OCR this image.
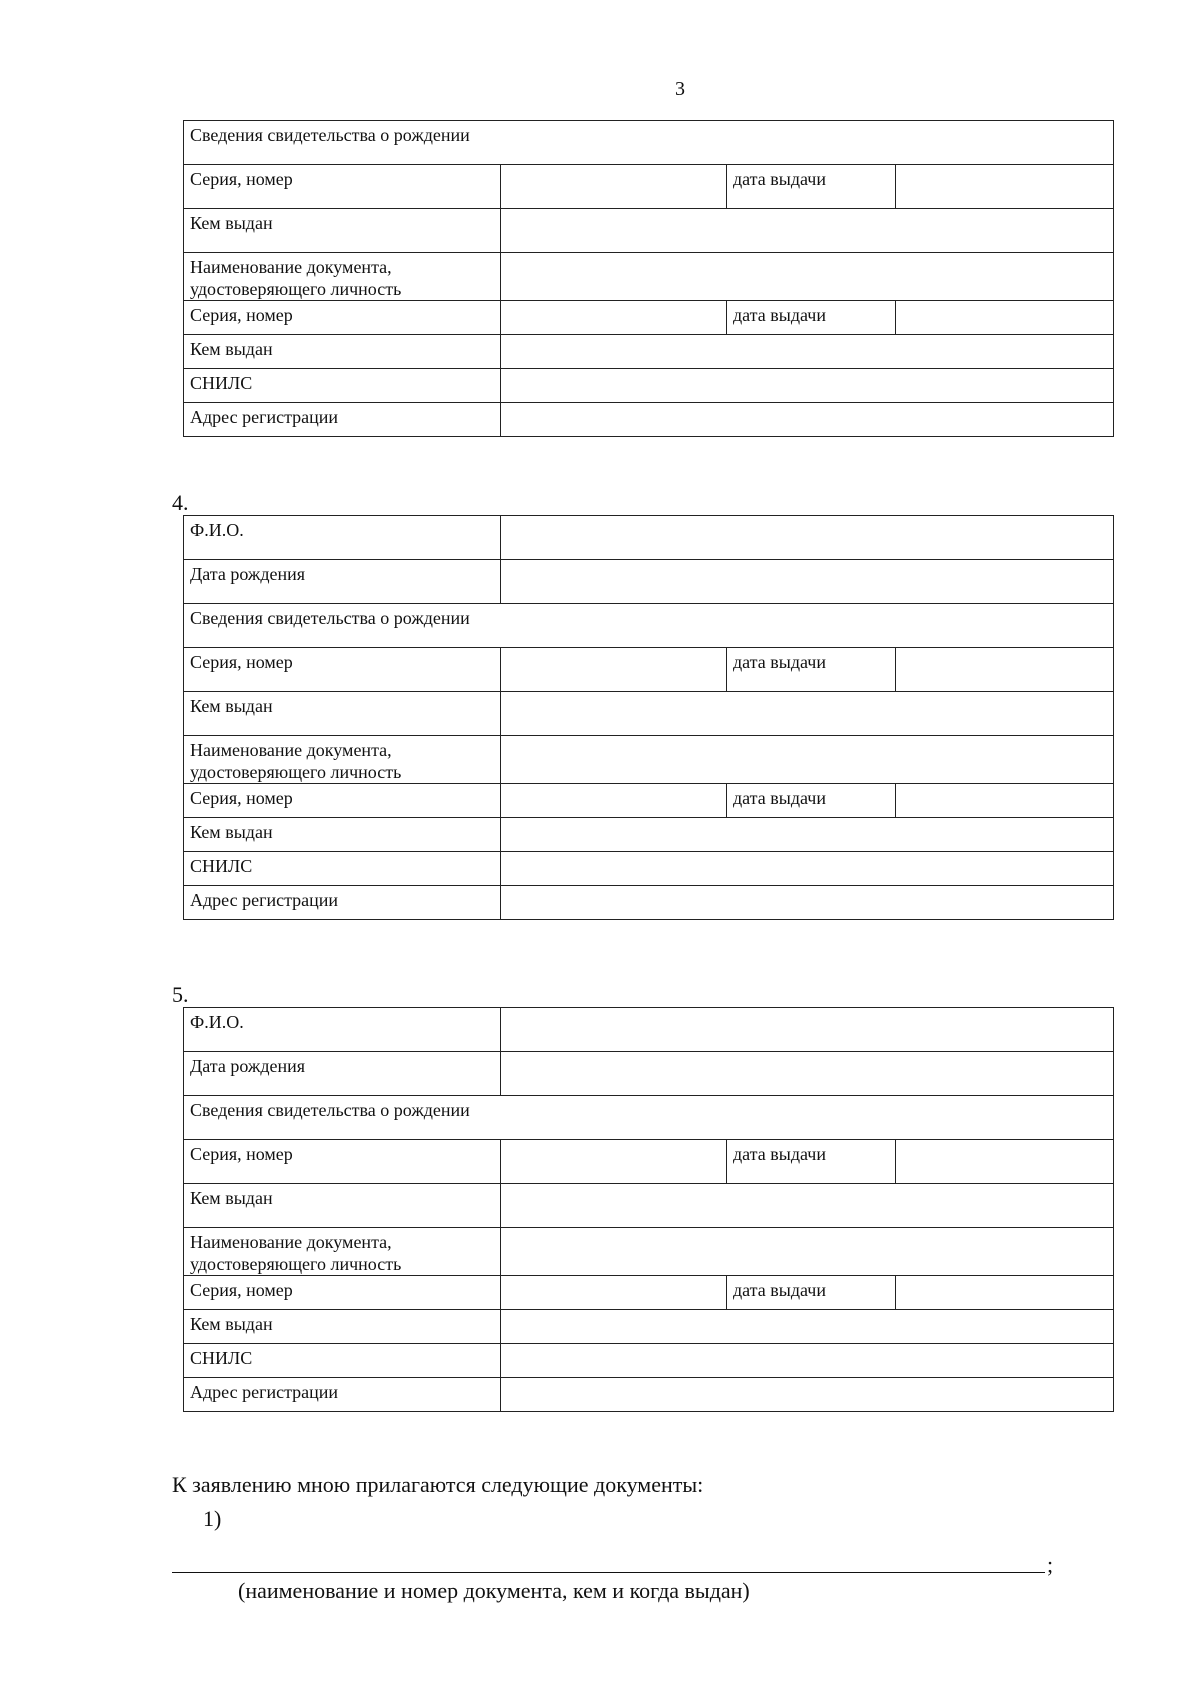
3
Сведения свидетельства о рождении			
Серия, номер		дата выдачи	
Кем выдан			
Наименование документа, удостоверяющего личность			
Серия, номер		дата выдачи	
Кем выдан			
СНИЛС			
Адрес регистрации			
4.
Ф.И.О.			
Дата рождения			
Сведения свидетельства о рождении			
Серия, номер		дата выдачи	
Кем выдан			
Наименование документа, удостоверяющего личность			
Серия, номер		дата выдачи	
Кем выдан			
СНИЛС			
Адрес регистрации			
5.
Ф.И.О.			
Дата рождения			
Сведения свидетельства о рождении			
Серия, номер		дата выдачи	
Кем выдан			
Наименование документа, удостоверяющего личность			
Серия, номер		дата выдачи	
Кем выдан			
СНИЛС			
Адрес регистрации			
К заявлению мною прилагаются следующие документы:
1)
;
(наименование и номер документа, кем и когда выдан)
